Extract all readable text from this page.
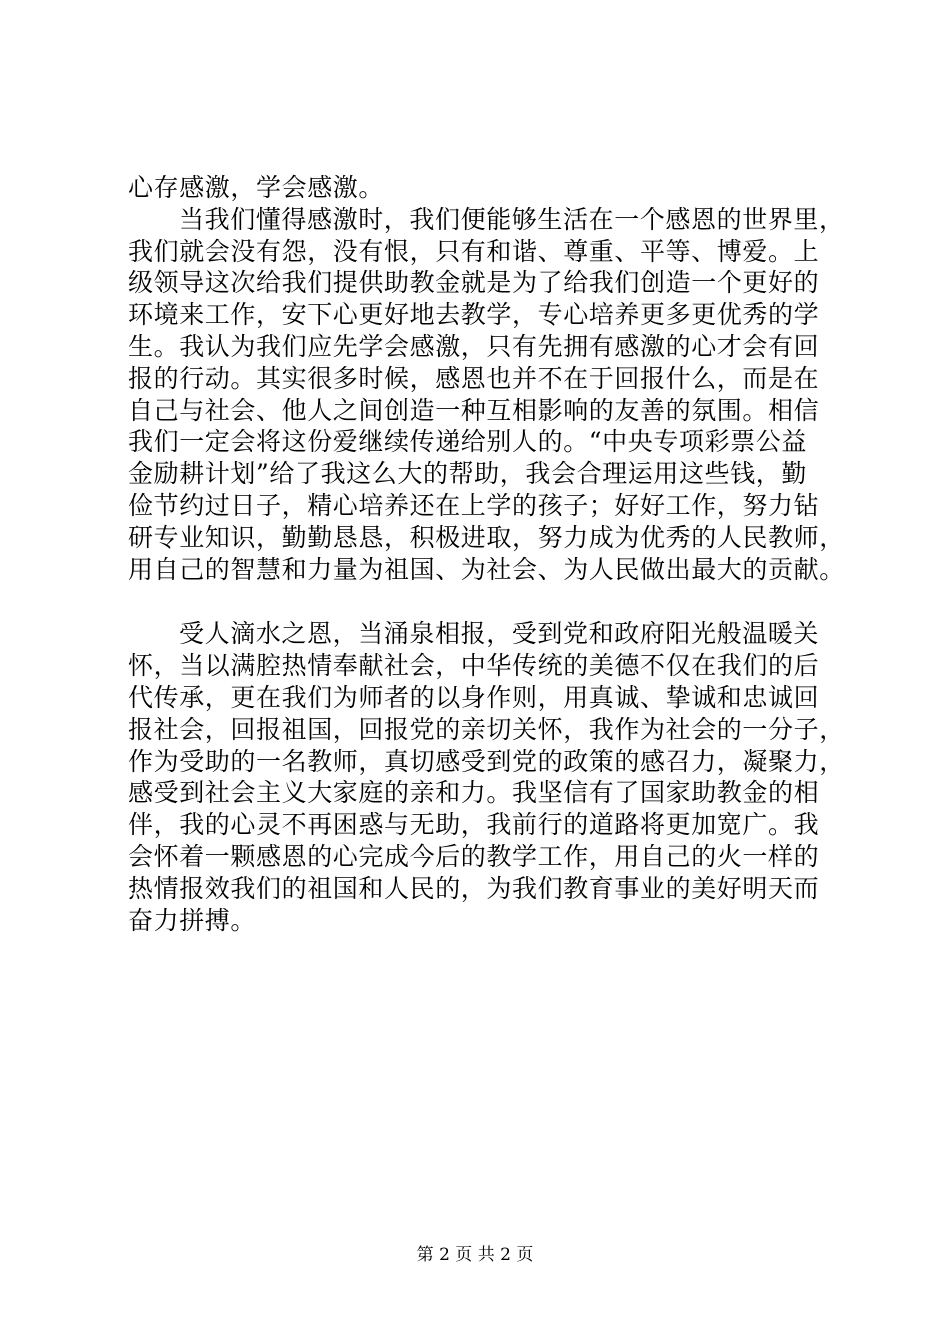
心存感激，学会感激。
当我们懂得感激时，我们便能够生活在一个感恩的世界里，
我们就会没有怨，没有恨，只有和谐、尊重、平等、博爱。上
级领导这次给我们提供助教金就是为了给我们创造一个更好的
环境来工作，安下心更好地去教学，专心培养更多更优秀的学
生。我认为我们应先学会感激，只有先拥有感激的心才会有回
报的行动。其实很多时候，感恩也并不在于回报什么，而是在
自己与社会、他人之间创造一种互相影响的友善的氛围。相信
我们一定会将这份爱继续传递给别人的。“中央专项彩票公益
金励耕计划”给了我这么大的帮助，我会合理运用这些钱，勤
俭节约过日子，精心培养还在上学的孩子；好好工作，努力钻
研专业知识，勤勤恳恳，积极进取，努力成为优秀的人民教师，
用自己的智慧和力量为祖国、为社会、为人民做出最大的贡献。
受人滴水之恩，当涌泉相报，受到党和政府阳光般温暖关
怀，当以满腔热情奉献社会，中华传统的美德不仅在我们的后
代传承，更在我们为师者的以身作则，用真诚、挚诚和忠诚回
报社会，回报祖国，回报党的亲切关怀，我作为社会的一分子，
作为受助的一名教师，真切感受到党的政策的感召力，凝聚力，
感受到社会主义大家庭的亲和力。我坚信有了国家助教金的相
伴，我的心灵不再困惑与无助，我前行的道路将更加宽广。我
会怀着一颗感恩的心完成今后的教学工作，用自己的火一样的
热情报效我们的祖国和人民的，为我们教育事业的美好明天而
奋力拼搏。
第 2 页 共 2 页
